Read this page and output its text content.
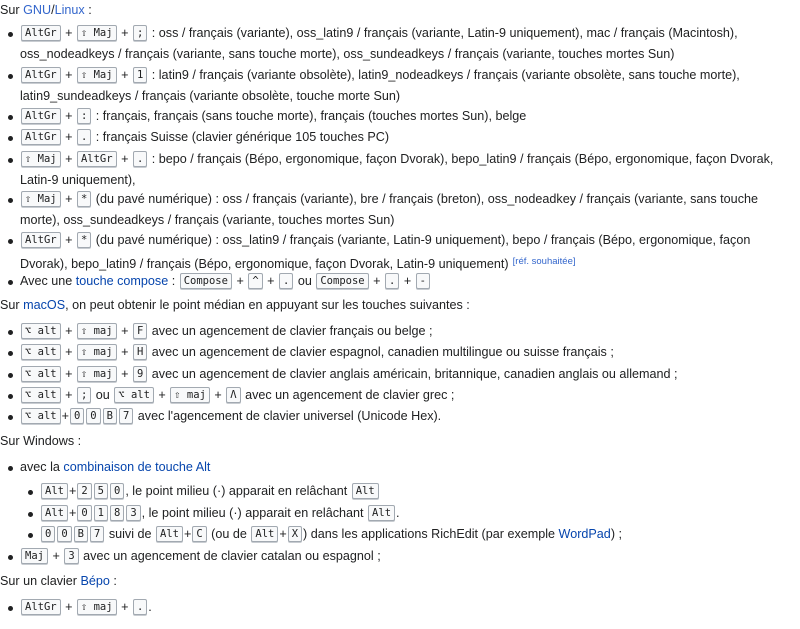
Sur GNU/Linux :

AltGr + ⇧ Maj + ; : oss / français (variante), oss_latin9 / français (variante, Latin-9 uniquement), mac / français (Macintosh), oss_nodeadkeys / français (variante, sans touche morte), oss_sundeadkeys / français (variante, touches mortes Sun)
AltGr + ⇧ Maj + 1 : latin9 / français (variante obsolète), latin9_nodeadkeys / français (variante obsolète, sans touche morte), latin9_sundeadkeys / français (variante obsolète, touche morte Sun)
AltGr + : : français, français (sans touche morte), français (touches mortes Sun), belge
AltGr + . : français Suisse (clavier générique 105 touches PC)
⇧ Maj + AltGr + . : bepo / français (Bépo, ergonomique, façon Dvorak), bepo_latin9 / français (Bépo, ergonomique, façon Dvorak, Latin-9 uniquement),
⇧ Maj + * (du pavé numérique) : oss / français (variante), bre / français (breton), oss_nodeadkey / français (variante, sans touche morte), oss_sundeadkeys / français (variante, touches mortes Sun)
AltGr + * (du pavé numérique) : oss_latin9 / français (variante, Latin-9 uniquement), bepo / français (Bépo, ergonomique, façon Dvorak), bepo_latin9 / français (Bépo, ergonomique, façon Dvorak, Latin-9 uniquement) [réf. souhaitée]
Avec une touche compose : Compose + ^ + . ou Compose + . + -

Sur macOS, on peut obtenir le point médian en appuyant sur les touches suivantes :

⌥ alt + ⇧ maj + F avec un agencement de clavier français ou belge ;
⌥ alt + ⇧ maj + H avec un agencement de clavier espagnol, canadien multilingue ou suisse français ;
⌥ alt + ⇧ maj + 9 avec un agencement de clavier anglais américain, britannique, canadien anglais ou allemand ;
⌥ alt + ; ou ⌥ alt + ⇧ maj + Λ avec un agencement de clavier grec ;
⌥ alt + 0 0 B 7 avec l'agencement de clavier universel (Unicode Hex).

Sur Windows :

avec la combinaison de touche Alt
Alt + 2 5 0 , le point milieu (·) apparait en relâchant Alt
Alt + 0 1 8 3 , le point milieu (·) apparait en relâchant Alt .
0 0 B 7 suivi de Alt + C (ou de Alt + X ) dans les applications RichEdit (par exemple WordPad) ;
Maj + 3 avec un agencement de clavier catalan ou espagnol ;

Sur un clavier Bépo :

AltGr + ⇧ maj + . .
